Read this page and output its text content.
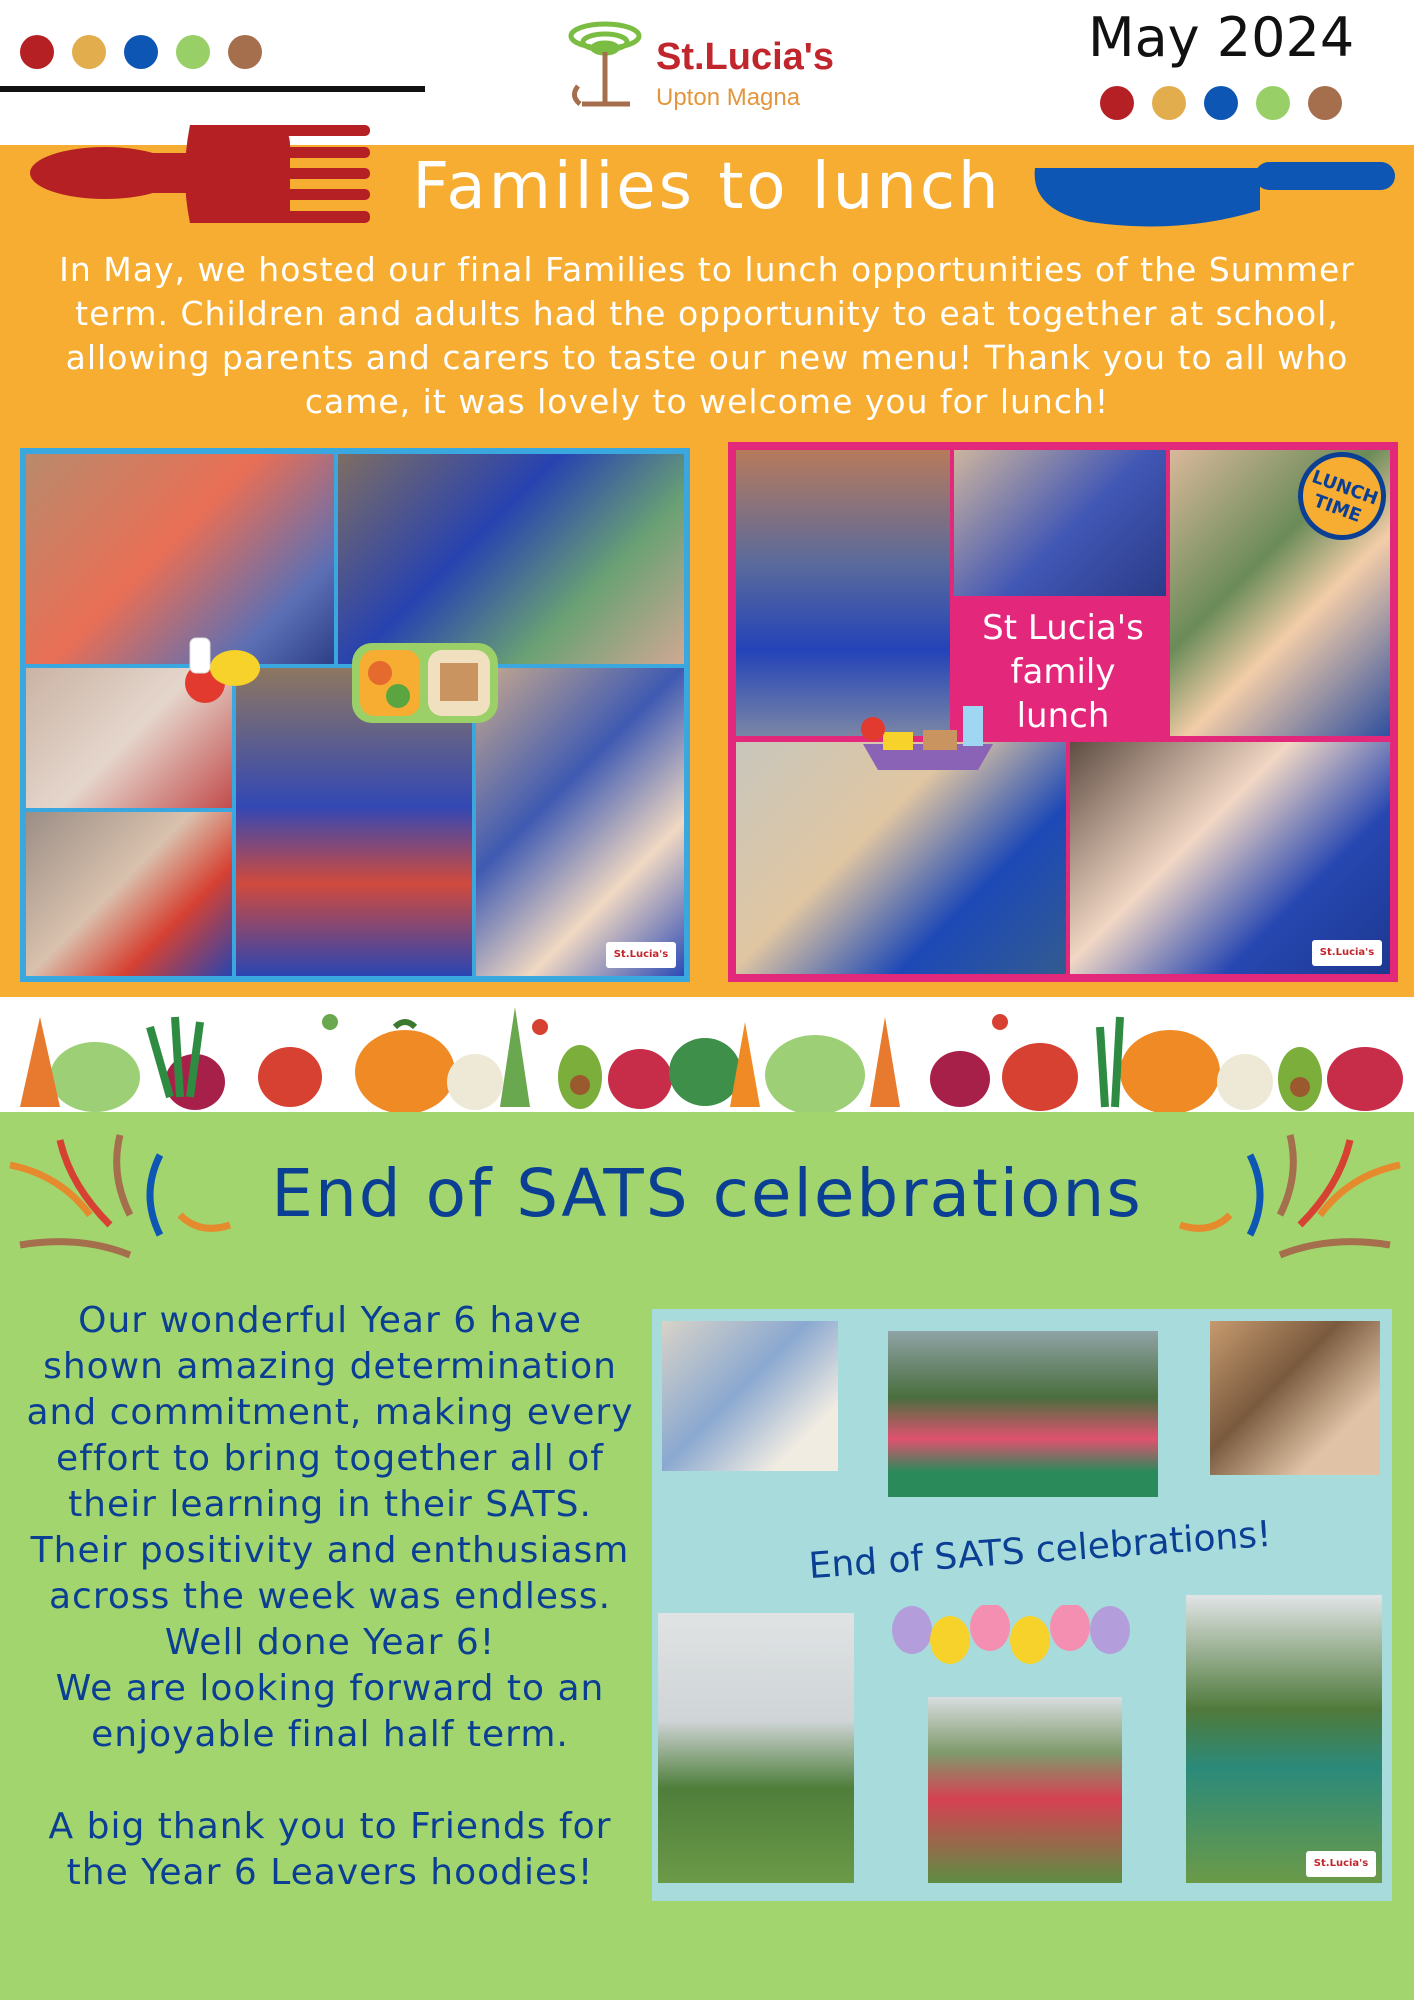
St.Lucia's
Upton Magna
May 2024
Families to lunch
In May, we hosted our final Families to lunch opportunities of the Summer term. Children and adults had the opportunity to eat together at school, allowing parents and carers to taste our new menu! Thank you to all who came, it was lovely to welcome you for lunch!
St.Lucia's	St.Lucia's
St Lucia's family lunch
LUNCH TIME
End of SATS celebrations
Our wonderful Year 6 have
shown amazing determination
and commitment, making every
effort to bring together all of
their learning in their SATS.
Their positivity and enthusiasm
across the week was endless.
Well done Year 6!
We are looking forward to an
enjoyable final half term.
A big thank you to Friends for
the Year 6 Leavers hoodies!	St.Lucia's
End of SATS celebrations!
